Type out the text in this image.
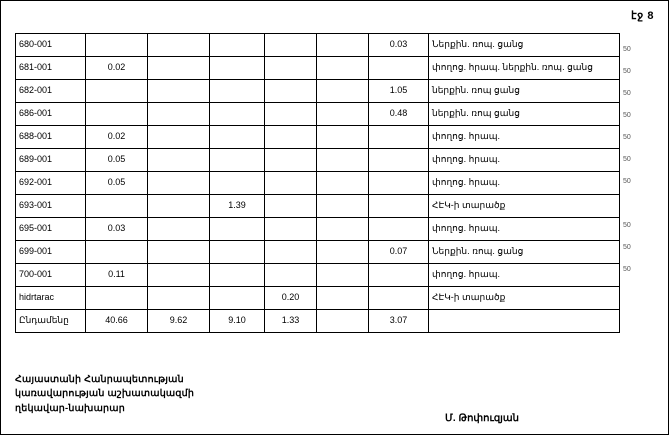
էջ 8
680-001						0.03	Ներքին. ռոպ. ցանց
681-001	0.02						փողոց. հրապ. ներքին. ռոպ. ցանց
682-001						1.05	ներքին. ռոպ ցանց
686-001						0.48	ներքին. ռոպ ցանց
688-001	0.02						փողոց. հրապ.
689-001	0.05						փողոց. հրապ.
692-001	0.05						փողոց. հրապ.
693-001			1.39				ՀԷԿ-ի տարածք
695-001	0.03						փողոց. հրապ.
699-001						0.07	Ներքին. ռոպ. ցանց
700-001	0.11						փողոց. հրապ.
hidrtarac				0.20			ՀԷԿ-ի տարածք
Ընդամենը	40.66	9.62	9.10	1.33		3.07	
50
50
50
50
50
50
50
50
50
50
Հայաստանի Հանրապետության
կառավարության աշխատակազմի
ղեկավար-նախարար
Մ. Թոփուզյան
